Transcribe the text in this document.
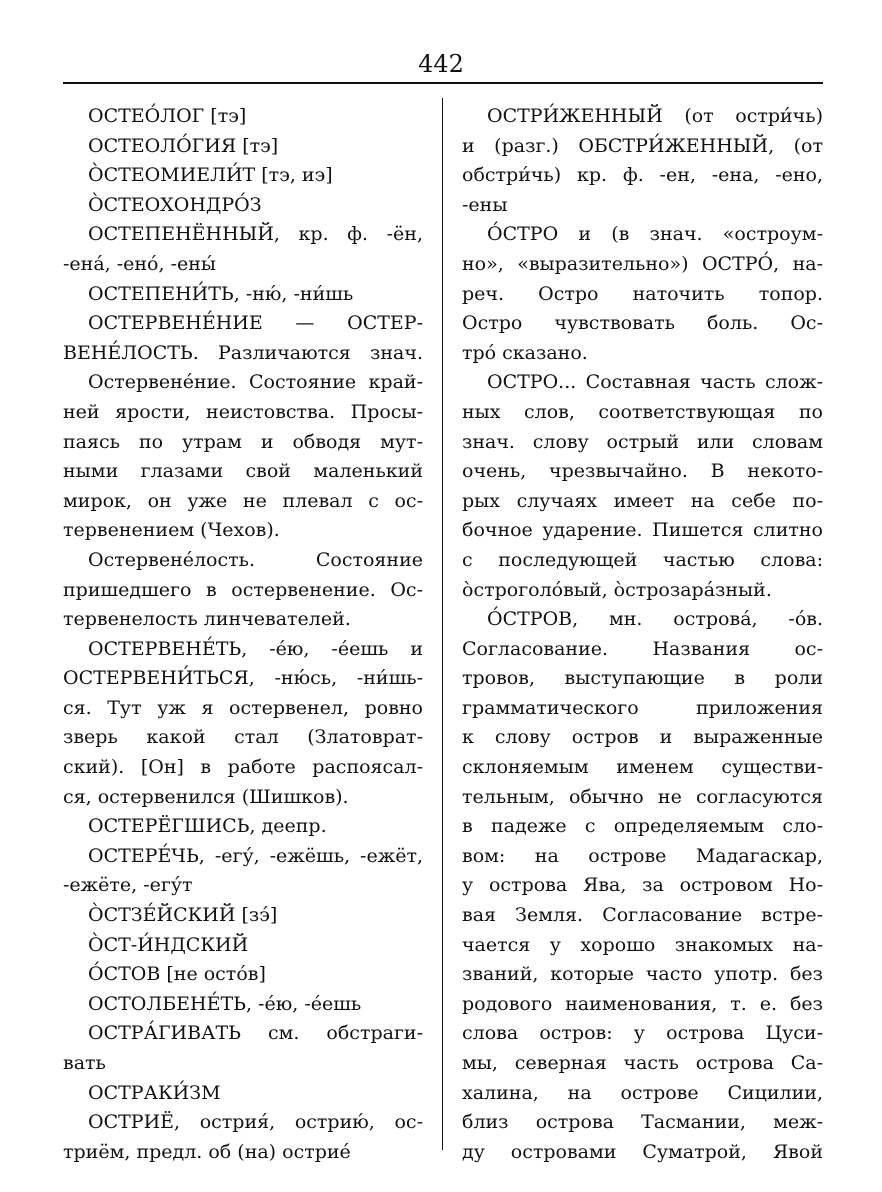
442
ОСТЕО́ЛОГ [тэ]
ОСТЕОЛО́ГИЯ [тэ]
О̀СТЕОМИЕЛИ́Т [тэ, иэ]
О̀СТЕОХОНДРО́З
ОСТЕПЕНЁННЫЙ, кр. ф. -ён,
-ена́, -ено́, -ены́
ОСТЕПЕНИ́ТЬ, -ню́, -ни́шь
ОСТЕРВЕНЕ́НИЕ — ОСТЕР-
ВЕНЕ́ЛОСТЬ. Различаются знач.
Остервене́ние. Состояние край-
ней ярости, неистовства. Просы-
паясь по утрам и обводя мут-
ными глазами свой маленький
мирок, он уже не плевал с ос-
тервенением (Чехов).
Остервене́лость. Состояние
пришедшего в остервенение. Ос-
тервенелость линчевателей.
ОСТЕРВЕНЕ́ТЬ, -е́ю, -е́ешь и
ОСТЕРВЕНИ́ТЬСЯ, -ню́сь, -ни́шь-
ся. Тут уж я остервенел, ровно
зверь какой стал (Златоврат-
ский). [Он] в работе распоясал-
ся, остервенился (Шишков).
ОСТЕРЁГШИСЬ, деепр.
ОСТЕРЕ́ЧЬ, -егу́, -ежёшь, -ежёт,
-ежёте, -егу́т
О̀СТЗЕ́ЙСКИЙ [зэ́]
О̀СТ-И́НДСКИЙ
О́СТОВ [не осто́в]
ОСТОЛБЕНЕ́ТЬ, -е́ю, -е́ешь
ОСТРА́ГИВАТЬ см. обстраги-
вать
ОСТРАКИ́ЗМ
ОСТРИЁ, острия́, острию́, ос-
триём, предл. об (на) остриé
ОСТРИ́ЖЕННЫЙ (от остри́чь)
и (разг.) ОБСТРИ́ЖЕННЫЙ, (от
обстри́чь) кр. ф. -ен, -ена, -ено,
-ены
О́СТРО и (в знач. «остроум-
но», «выразительно») ОСТРО́, на-
реч. Остро наточить топор.
Остро чувствовать боль. Ос-
тро́ сказано.
ОСТРО... Составная часть слож-
ных слов, соответствующая по
знач. слову острый или словам
очень, чрезвычайно. В некото-
рых случаях имеет на себе по-
бочное ударение. Пишется слитно
с последующей частью слова:
о̀строголо́вый, о̀строзара́зный.
О́СТРОВ, мн. острова́, -о́в.
Согласование. Названия ос-
тровов, выступающие в роли
грамматического приложения
к слову остров и выраженные
склоняемым именем существи-
тельным, обычно не согласуются
в падеже с определяемым сло-
вом: на острове Мадагаскар,
у острова Ява, за островом Но-
вая Земля. Согласование встре-
чается у хорошо знакомых на-
званий, которые часто употр. без
родового наименования, т. е. без
слова остров: у острова Цуси-
мы, северная часть острова Са-
халина, на острове Сицилии,
близ острова Тасмании, меж-
ду островами Суматрой, Явой
